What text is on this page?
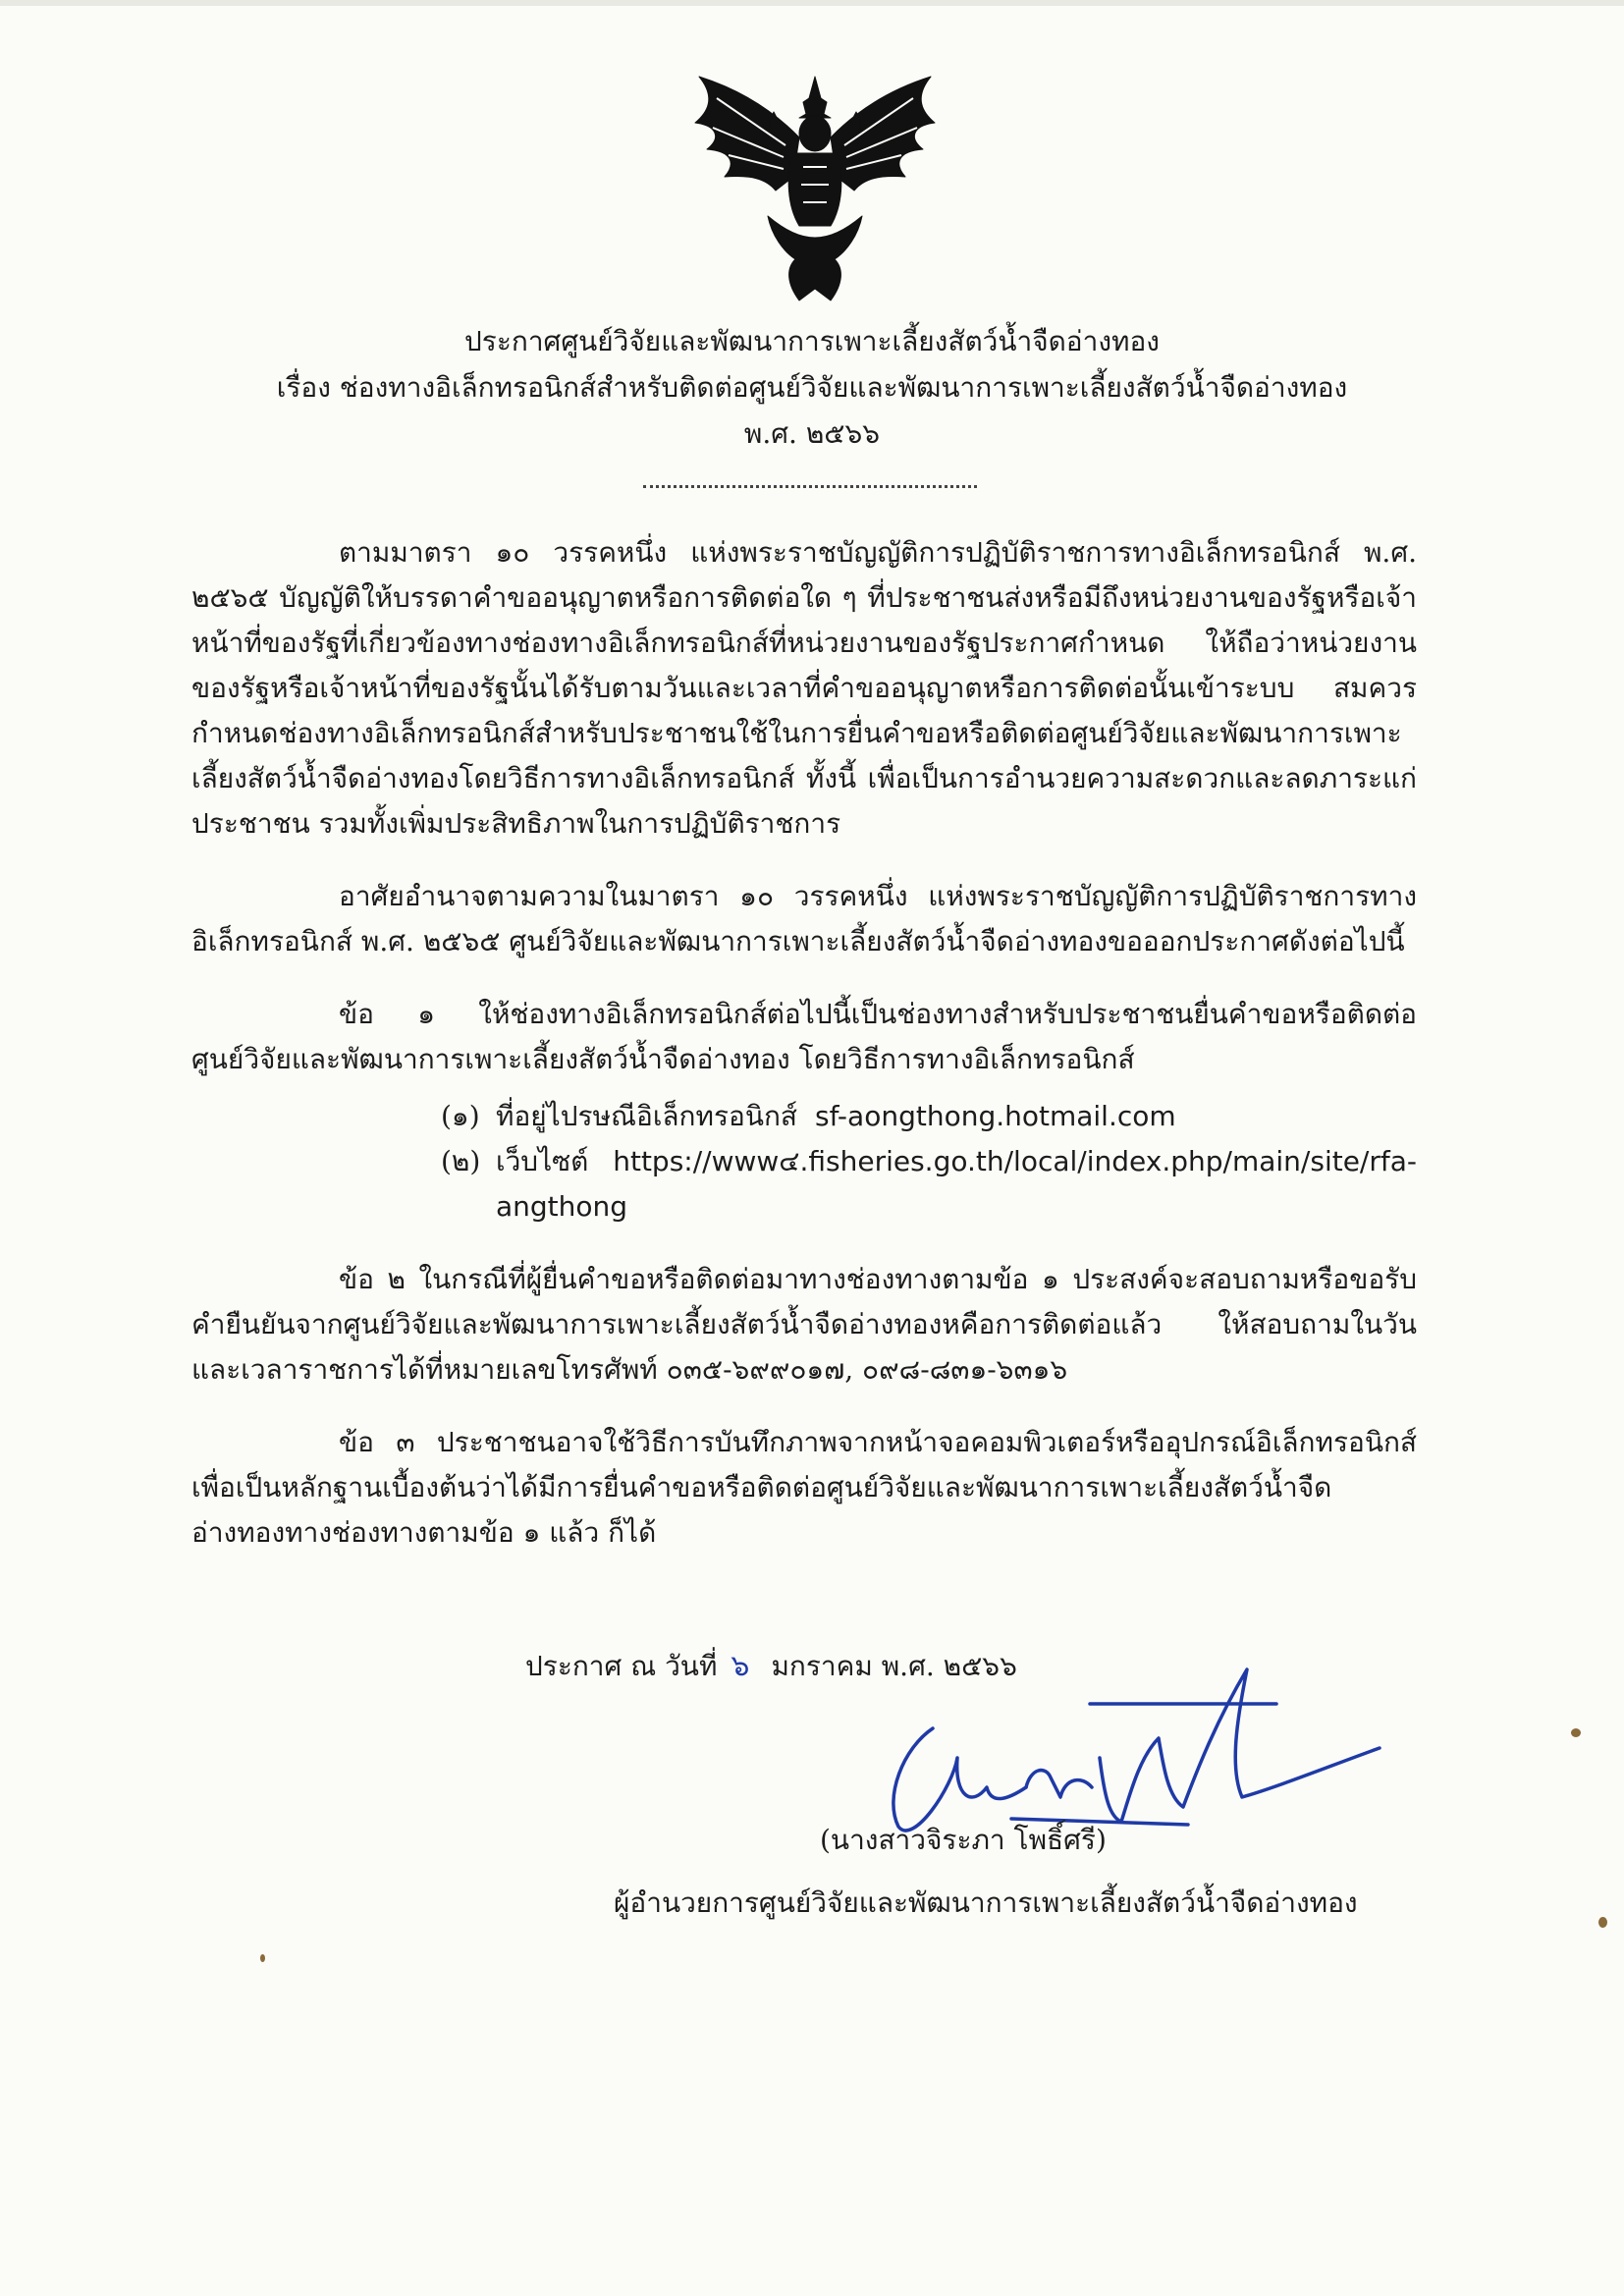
ประกาศศูนย์วิจัยและพัฒนาการเพาะเลี้ยงสัตว์น้ำจืดอ่างทอง
เรื่อง ช่องทางอิเล็กทรอนิกส์สำหรับติดต่อศูนย์วิจัยและพัฒนาการเพาะเลี้ยงสัตว์น้ำจืดอ่างทอง
พ.ศ. ๒๕๖๖

ตามมาตรา ๑๐ วรรคหนึ่ง แห่งพระราชบัญญัติการปฏิบัติราชการทางอิเล็กทรอนิกส์ พ.ศ. ๒๕๖๕ บัญญัติให้บรรดาคำขออนุญาตหรือการติดต่อใด ๆ ที่ประชาชนส่งหรือมีถึงหน่วยงานของรัฐหรือเจ้าหน้าที่ของรัฐที่เกี่ยวข้องทางช่องทางอิเล็กทรอนิกส์ที่หน่วยงานของรัฐประกาศกำหนด ให้ถือว่าหน่วยงานของรัฐหรือเจ้าหน้าที่ของรัฐนั้นได้รับตามวันและเวลาที่คำขออนุญาตหรือการติดต่อนั้นเข้าระบบ สมควรกำหนดช่องทางอิเล็กทรอนิกส์สำหรับประชาชนใช้ในการยื่นคำขอหรือติดต่อศูนย์วิจัยและพัฒนาการเพาะเลี้ยงสัตว์น้ำจืดอ่างทองโดยวิธีการทางอิเล็กทรอนิกส์ ทั้งนี้ เพื่อเป็นการอำนวยความสะดวกและลดภาระแก่ประชาชน รวมทั้งเพิ่มประสิทธิภาพในการปฏิบัติราชการ

อาศัยอำนาจตามความในมาตรา ๑๐ วรรคหนึ่ง แห่งพระราชบัญญัติการปฏิบัติราชการทางอิเล็กทรอนิกส์ พ.ศ. ๒๕๖๕ ศูนย์วิจัยและพัฒนาการเพาะเลี้ยงสัตว์น้ำจืดอ่างทองขอออกประกาศดังต่อไปนี้

ข้อ ๑ ให้ช่องทางอิเล็กทรอนิกส์ต่อไปนี้เป็นช่องทางสำหรับประชาชนยื่นคำขอหรือติดต่อศูนย์วิจัยและพัฒนาการเพาะเลี้ยงสัตว์น้ำจืดอ่างทอง โดยวิธีการทางอิเล็กทรอนิกส์

(๑) ที่อยู่ไปรษณีอิเล็กทรอนิกส์ sf-aongthong.hotmail.com
(๒) เว็บไซต์ https://www๔.fisheries.go.th/local/index.php/main/site/rfa-angthong

ข้อ ๒ ในกรณีที่ผู้ยื่นคำขอหรือติดต่อมาทางช่องทางตามข้อ ๑ ประสงค์จะสอบถามหรือขอรับคำยืนยันจากศูนย์วิจัยและพัฒนาการเพาะเลี้ยงสัตว์น้ำจืดอ่างทองหคือการติดต่อแล้ว ให้สอบถามในวันและเวลาราชการได้ที่หมายเลขโทรศัพท์ ๐๓๕-๖๙๙๐๑๗, ๐๙๘-๘๓๑-๖๓๑๖

ข้อ ๓ ประชาชนอาจใช้วิธีการบันทึกภาพจากหน้าจอคอมพิวเตอร์หรืออุปกรณ์อิเล็กทรอนิกส์เพื่อเป็นหลักฐานเบื้องต้นว่าได้มีการยื่นคำขอหรือติดต่อศูนย์วิจัยและพัฒนาการเพาะเลี้ยงสัตว์น้ำจืดอ่างทองทางช่องทางตามข้อ ๑ แล้ว ก็ได้

ประกาศ ณ วันที่ ๖ มกราคม พ.ศ. ๒๕๖๖
(นางสาวจิระภา โพธิ์ศรี)
ผู้อำนวยการศูนย์วิจัยและพัฒนาการเพาะเลี้ยงสัตว์น้ำจืดอ่างทอง
